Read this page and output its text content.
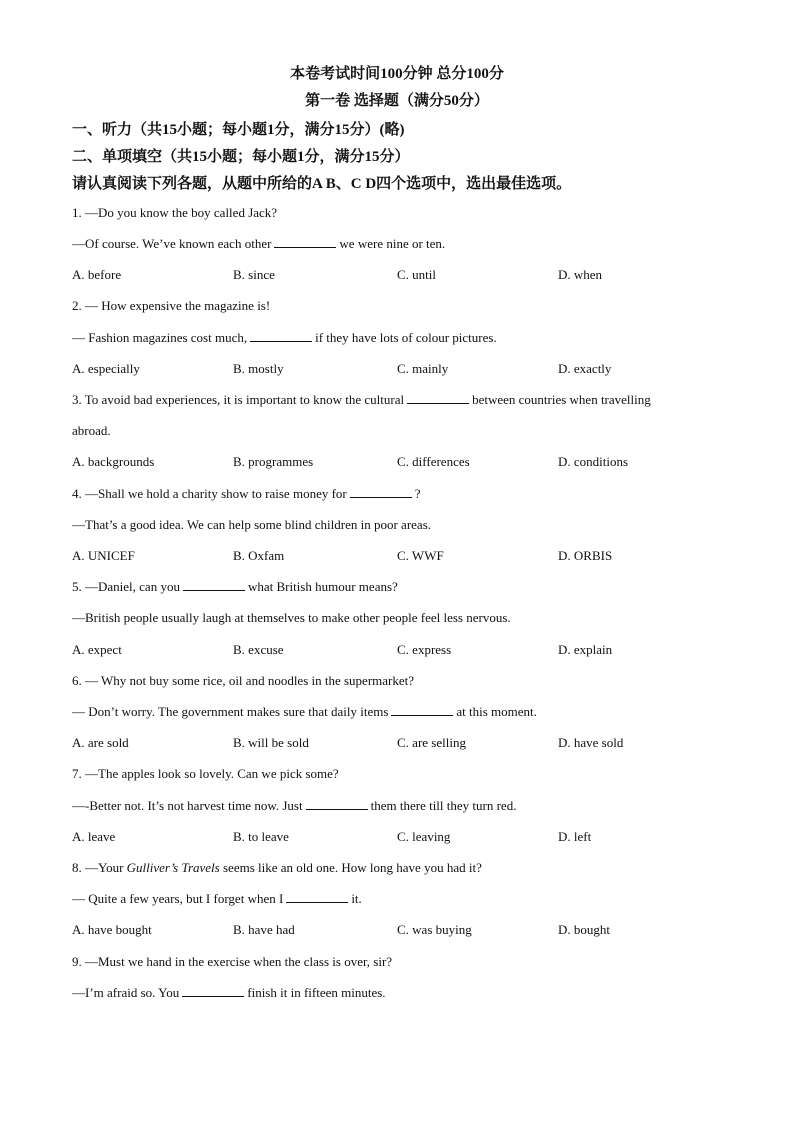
本卷考试时间100分钟 总分100分
第一卷 选择题（满分50分）
一、听力（共15小题；每小题1分，满分15分）(略)
二、单项填空（共15小题；每小题1分，满分15分）
请认真阅读下列各题，从题中所给的A B、C D四个选项中，选出最佳选项。
1. —Do you know the boy called Jack?
—Of course. We’ve known each other	we were nine or ten.
A. before	B. since	C. until	D. when
2. — How expensive the magazine is!
— Fashion magazines cost much,	if they have lots of colour pictures.
A. especially	B. mostly	C. mainly	D. exactly
3. To avoid bad experiences, it is important to know the cultural	between countries when travelling
abroad.
A. backgrounds	B. programmes	C. differences	D. conditions
4. —Shall we hold a charity show to raise money for	?
—That’s a good idea. We can help some blind children in poor areas.
A. UNICEF	B. Oxfam	C. WWF	D. ORBIS
5. —Daniel, can you	what British humour means?
—British people usually laugh at themselves to make other people feel less nervous.
A. expect	B. excuse	C. express	D. explain
6. — Why not buy some rice, oil and noodles in the supermarket?
— Don’t worry. The government makes sure that daily items	at this moment.
A. are sold	B. will be sold	C. are selling	D. have sold
7. —The apples look so lovely. Can we pick some?
—-Better not. It’s not harvest time now. Just	them there till they turn red.
A. leave	B. to leave	C. leaving	D. left
8. —Your Gulliver’s Travels seems like an old one. How long have you had it?
— Quite a few years, but I forget when I	it.
A. have bought	B. have had	C. was buying	D. bought
9. —Must we hand in the exercise when the class is over, sir?
—I’m afraid so. You	finish it in fifteen minutes.
